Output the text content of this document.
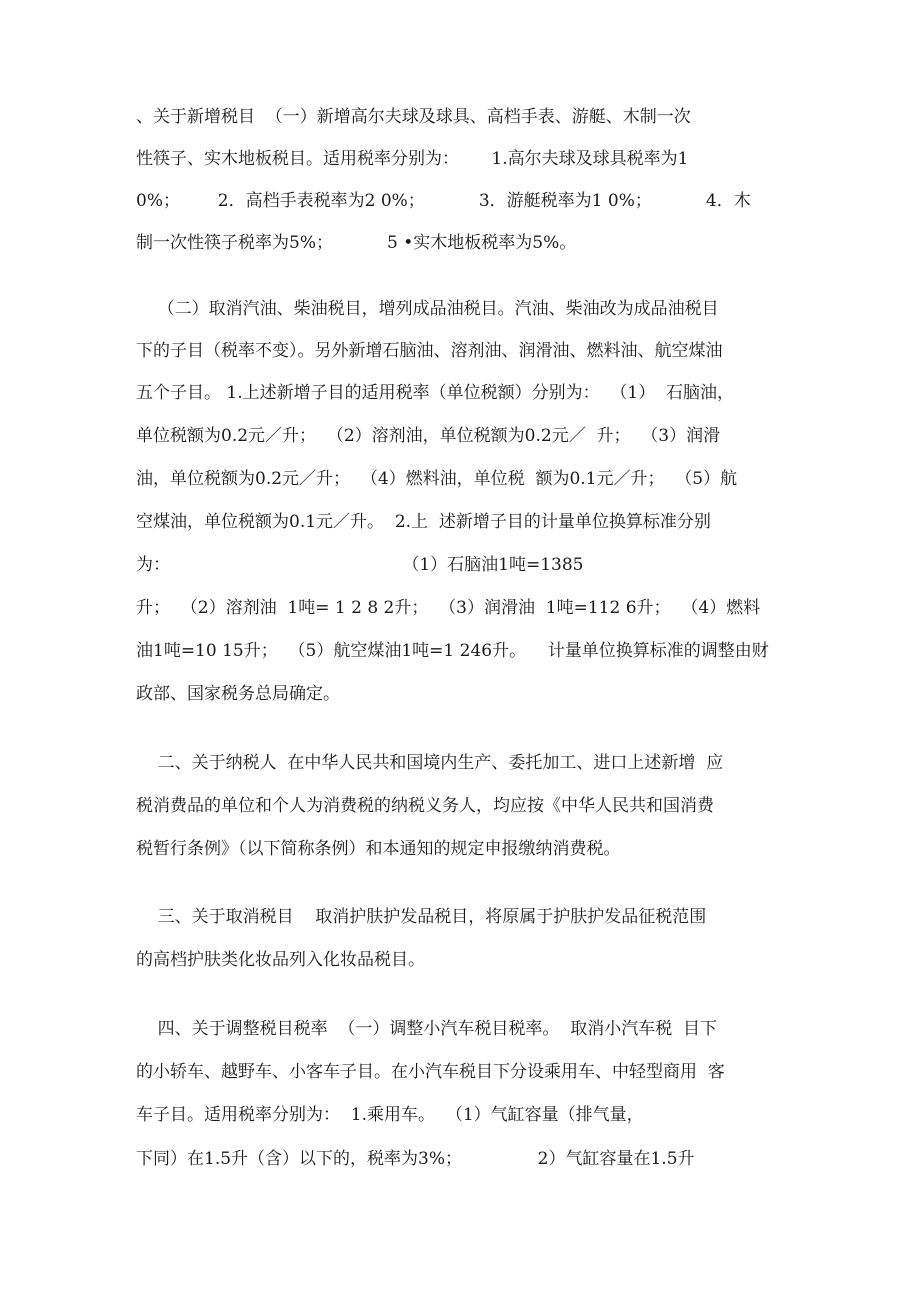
、关于新增税目  （一）新增高尔夫球及球具、高档手表、游艇、木制一次
性筷子、实木地板税目。适用税率分别为：      1.高尔夫球及球具税率为1
0%；       2．高档手表税率为2 0%；          3．游艇税率为1 0%；          4．木
制一次性筷子税率为5%；          5 •实木地板税率为5%。
（二）取消汽油、柴油税目，增列成品油税目。汽油、柴油改为成品油税目
下的子目（税率不变）。另外新增石脑油、溶剂油、润滑油、燃料油、航空煤油
五个子目。 1.上述新增子目的适用税率（单位税额）分别为：  （1）  石脑油，
单位税额为0.2元／升；  （2）溶剂油，单位税额为0.2元／  升；  （3）润滑
油，单位税额为0.2元／升；  （4）燃料油，单位税  额为0.1元／升；  （5）航
空煤油，单位税额为0.1元／升。  2.上  述新增子目的计量单位换算标准分别
为：                                           （1）石脑油1吨=1385
升；  （2）溶剂油  1吨= 1 2 8 2升；  （3）润滑油  1吨=112 6升；  （4）燃料
油1吨=10 15升；  （5）航空煤油1吨=1 246升。    计量单位换算标准的调整由财
政部、国家税务总局确定。
二、关于纳税人  在中华人民共和国境内生产、委托加工、进口上述新增  应
税消费品的单位和个人为消费税的纳税义务人，均应按《中华人民共和国消费
税暂行条例》（以下简称条例）和本通知的规定申报缴纳消费税。
三、关于取消税目    取消护肤护发品税目，将原属于护肤护发品征税范围
的高档护肤类化妆品列入化妆品税目。
四、关于调整税目税率  （一）调整小汽车税目税率。  取消小汽车税  目下
的小轿车、越野车、小客车子目。在小汽车税目下分设乘用车、中轻型商用  客
车子目。适用税率分别为：  1.乘用车。  （1）气缸容量（排气量，
下同）在1.5升（含）以下的，税率为3%；              2）气缸容量在1.5升
